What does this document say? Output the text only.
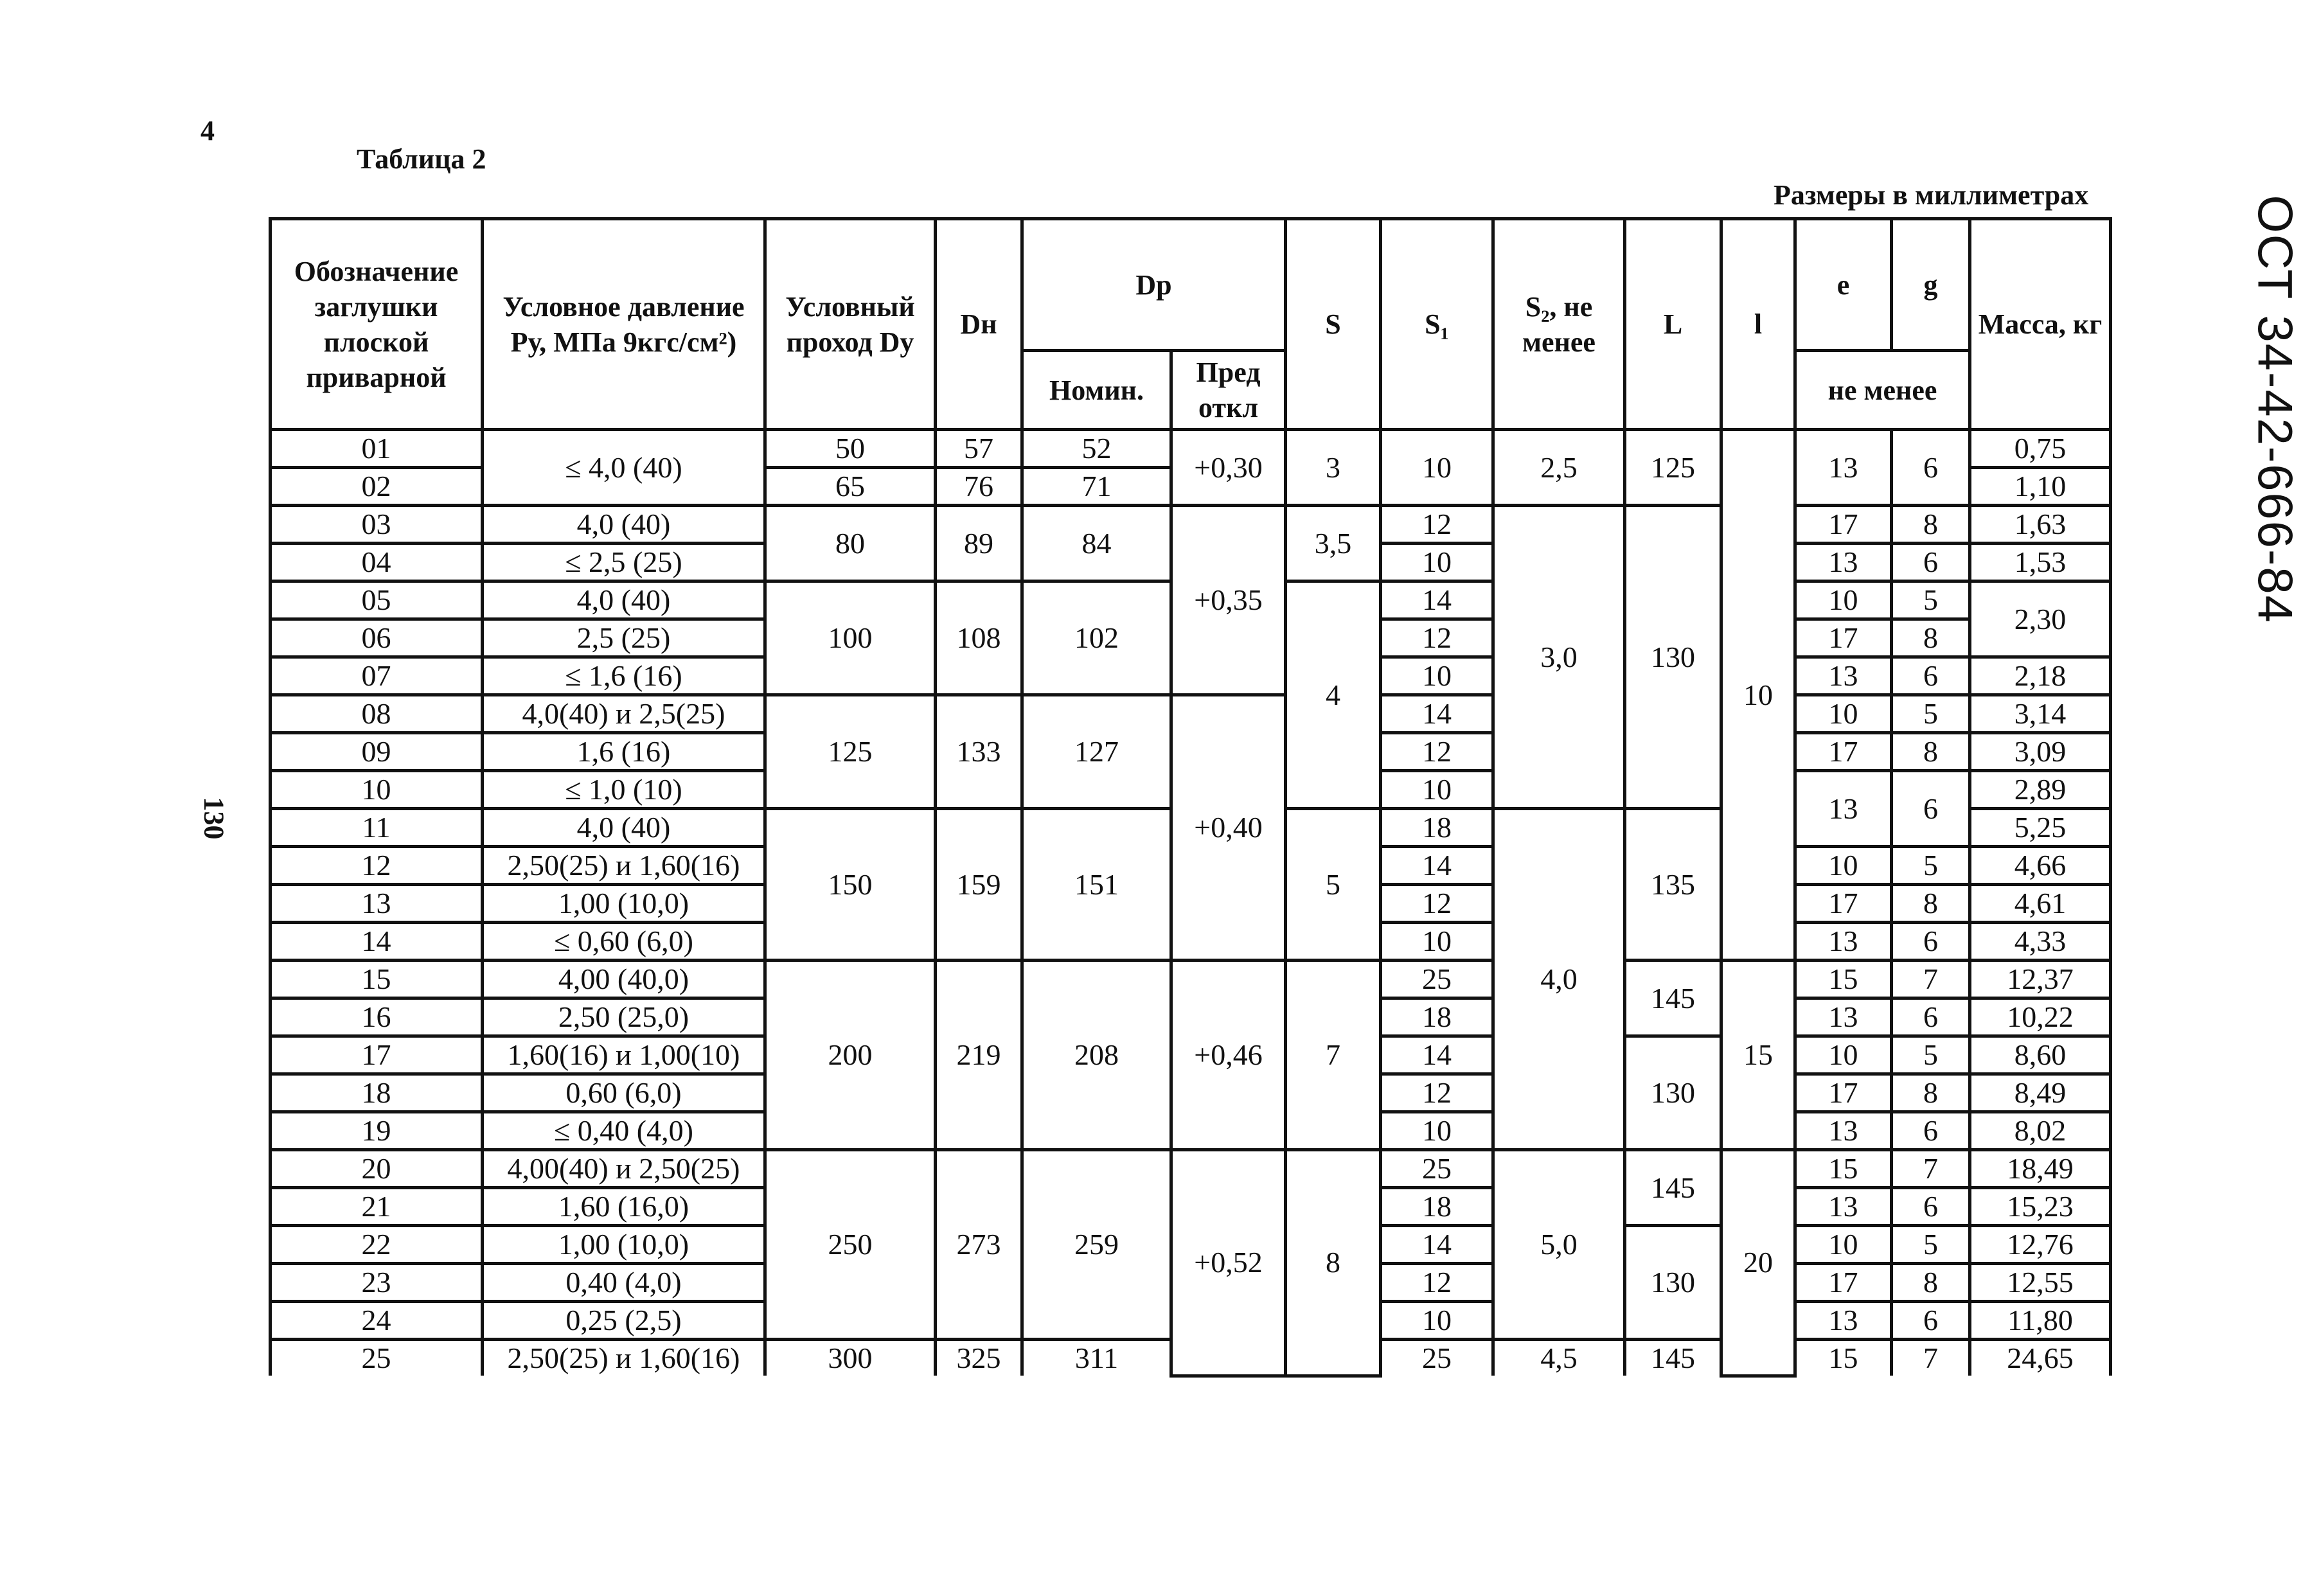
4
130
ОСТ 34-42-666-84
Таблица 2
Размеры в миллиметрах
Обозначение заглушки плоской приварной	Условное давление Ру, МПа 9кгс/см²)	Условный проход Dy	Dн	Dр		S	S₁	S₂, не менее	L	l	e	g	Масса, кг
				Номин.	Пред откл						не менее		
01	≤ 4,0 (40)	50	57	52	+0,30	3	10	2,5	125	10	13	6	0,75
02		65	76	71									1,10
03	4,0 (40)	80	89	84	+0,35	3,5	12	3,0	130		17	8	1,63
04	≤ 2,5 (25)						10				13	6	1,53
05	4,0 (40)	100	108	102		4	14				10	5	2,30
06	2,5 (25)						12				17	8	
07	≤ 1,6 (16)						10				13	6	2,18
08	4,0(40) и 2,5(25)	125	133	127	+0,40		14				10	5	3,14
09	1,6 (16)						12				17	8	3,09
10	≤ 1,0 (10)						10				13	6	2,89
11	4,0 (40)	150	159	151		5	18	4,0	135				5,25
12	2,50(25) и 1,60(16)						14				10	5	4,66
13	1,00 (10,0)						12				17	8	4,61
14	≤ 0,60 (6,0)						10				13	6	4,33
15	4,00 (40,0)	200	219	208	+0,46	7	25		145	15	15	7	12,37
16	2,50 (25,0)						18				13	6	10,22
17	1,60(16) и 1,00(10)						14		130		10	5	8,60
18	0,60 (6,0)						12				17	8	8,49
19	≤ 0,40 (4,0)						10				13	6	8,02
20	4,00(40) и 2,50(25)	250	273	259	+0,52	8	25	5,0	145	20	15	7	18,49
21	1,60 (16,0)						18				13	6	15,23
22	1,00 (10,0)						14		130		10	5	12,76
23	0,40 (4,0)						12				17	8	12,55
24	0,25 (2,5)						10				13	6	11,80
25	2,50(25) и 1,60(16)	300	325	311			25	4,5	145		15	7	24,65
